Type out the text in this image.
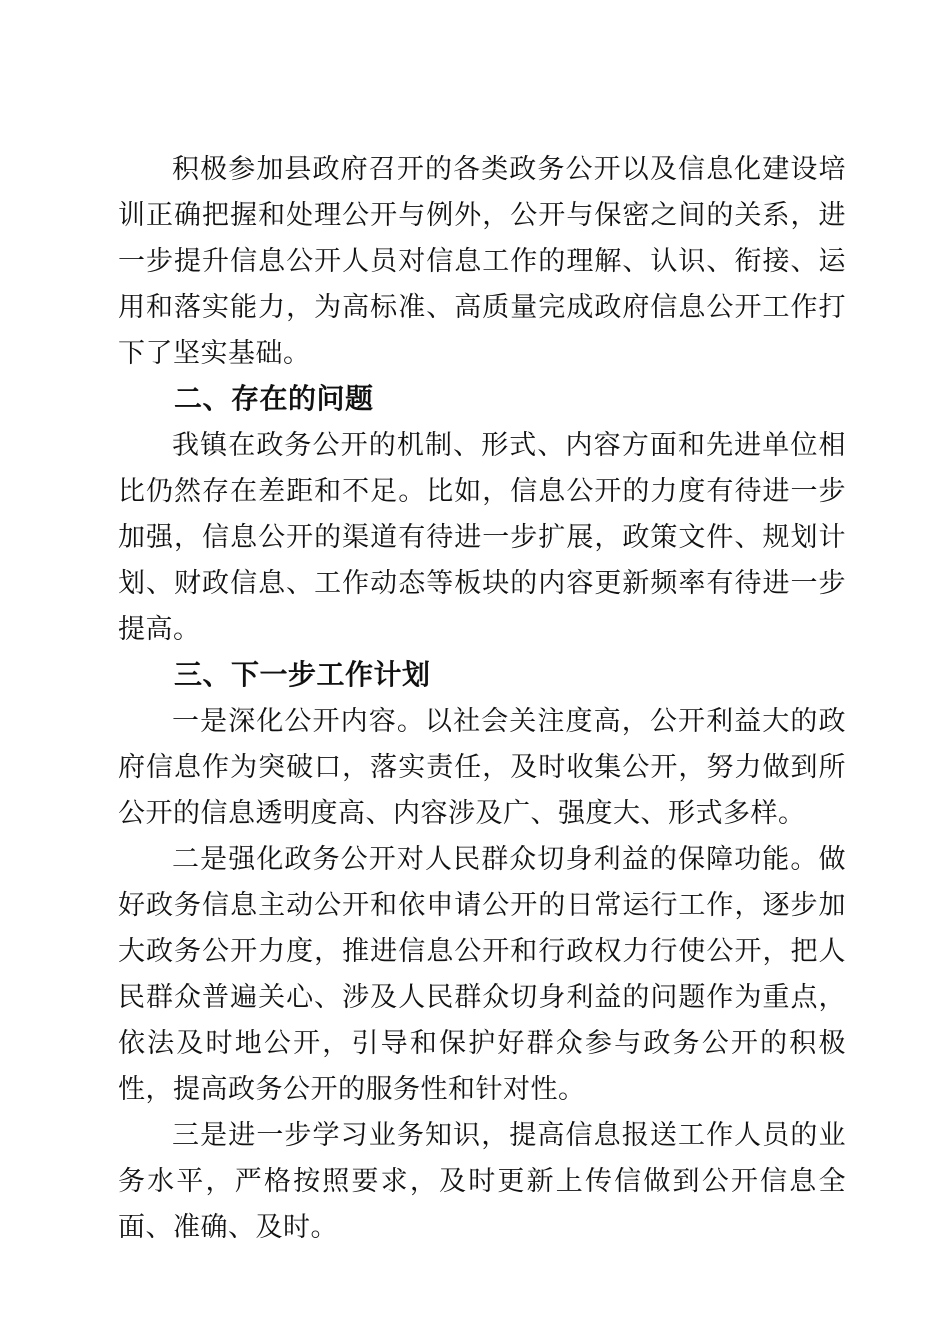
积极参加县政府召开的各类政务公开以及信息化建设培训正确把握和处理公开与例外，公开与保密之间的关系，进一步提升信息公开人员对信息工作的理解、认识、衔接、运用和落实能力，为高标准、高质量完成政府信息公开工作打下了坚实基础。

二、存在的问题

我镇在政务公开的机制、形式、内容方面和先进单位相比仍然存在差距和不足。比如，信息公开的力度有待进一步加强，信息公开的渠道有待进一步扩展，政策文件、规划计划、财政信息、工作动态等板块的内容更新频率有待进一步提高。

三、下一步工作计划

一是深化公开内容。以社会关注度高，公开利益大的政府信息作为突破口，落实责任，及时收集公开，努力做到所公开的信息透明度高、内容涉及广、强度大、形式多样。

二是强化政务公开对人民群众切身利益的保障功能。做好政务信息主动公开和依申请公开的日常运行工作，逐步加大政务公开力度，推进信息公开和行政权力行使公开，把人民群众普遍关心、涉及人民群众切身利益的问题作为重点，依法及时地公开，引导和保护好群众参与政务公开的积极性，提高政务公开的服务性和针对性。

三是进一步学习业务知识，提高信息报送工作人员的业务水平，严格按照要求，及时更新上传信做到公开信息全面、准确、及时。
